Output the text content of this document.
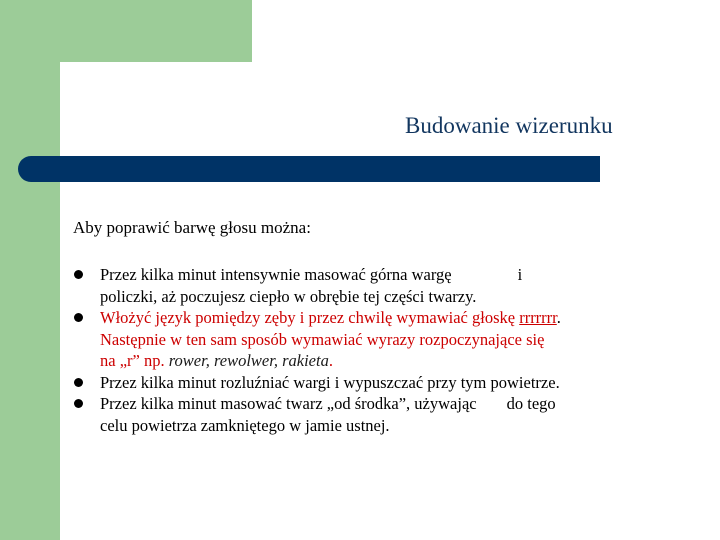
Budowanie wizerunku
Aby poprawić barwę głosu można:
Przez kilka minut intensywnie masować górna wargę	i
policzki, aż poczujesz ciepło w obrębie tej części twarzy.
Włożyć język pomiędzy zęby i przez chwilę wymawiać głoskę rrrrrrr.
Następnie w ten sam sposób wymawiać wyrazy rozpoczynające się
na „r” np. rower, rewolwer, rakieta.
Przez kilka minut rozluźniać wargi i wypuszczać przy tym powietrze.
Przez kilka minut masować twarz „od środka”, używając do tego
celu powietrza zamkniętego w jamie ustnej.
